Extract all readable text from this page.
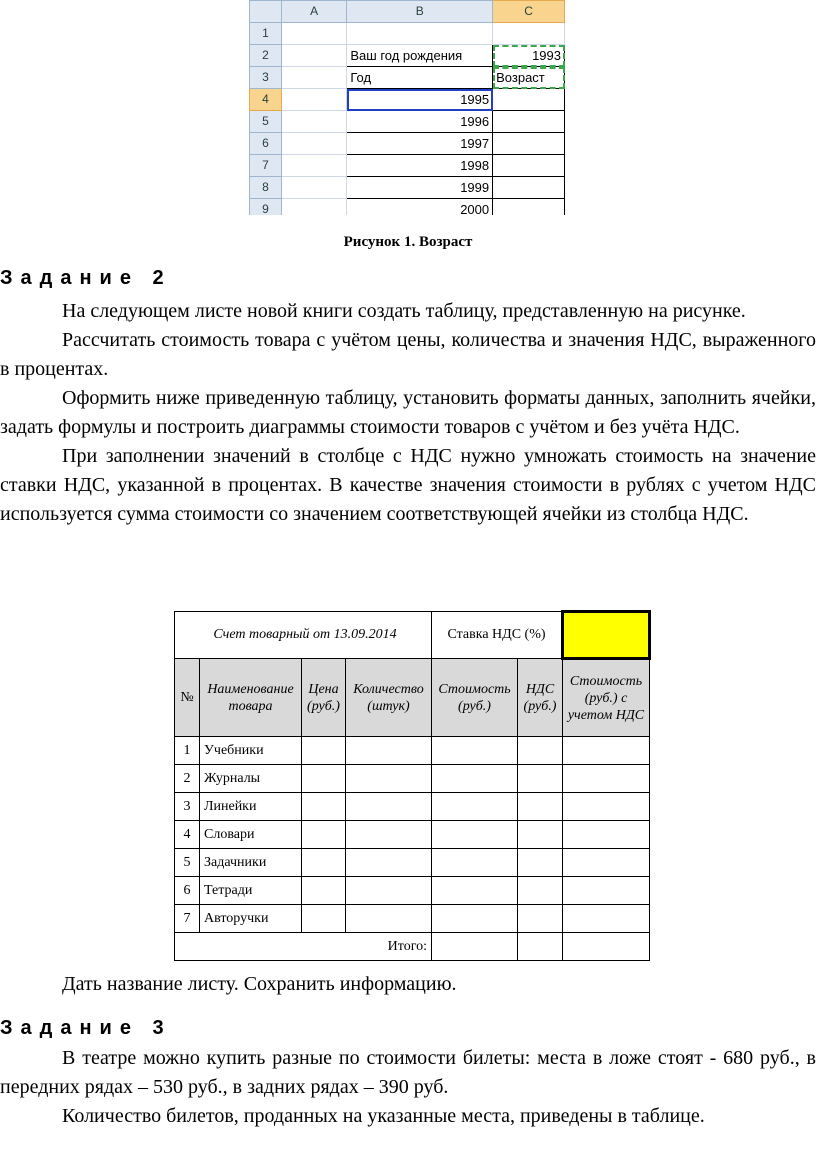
	A	B	C
1			
2		Ваш год рождения	1993
3		Год	Возраст
4		1995	
5		1996	
6		1997	
7		1998	
8		1999	
9		2000	
Рисунок 1. Возраст
Задание 2

На следующем листе новой книги создать таблицу, представленную на рисунке.

Рассчитать стоимость товара с учётом цены, количества и значения НДС, выраженного в процентах.

Оформить ниже приведенную таблицу, установить форматы данных, заполнить ячейки, задать формулы и построить диаграммы стоимости товаров с учётом и без учёта НДС.

При заполнении значений в столбце с НДС нужно умножать стоимость на значение ставки НДС, указанной в процентах. В качестве значения стоимости в рублях с учетом НДС используется сумма стоимости со значением соответствующей ячейки из столбца НДС.

Счет товарный от 13.09.2014				Ставка НДС (%)		
№	Наименование товара	Цена (руб.)	Количество (штук)	Стоимость (руб.)	НДС (руб.)	Стоимость (руб.) с учетом НДС
1	Учебники					
2	Журналы					
3	Линейки					
4	Словари					
5	Задачники					
6	Тетради					
7	Авторучки					
Итого:						

Дать название листу. Сохранить информацию.

Задание 3

В театре можно купить разные по стоимости билеты: места в ложе стоят - 680 руб., в передних рядах – 530 руб., в задних рядах – 390 руб.

Количество билетов, проданных на указанные места, приведены в таблице.
